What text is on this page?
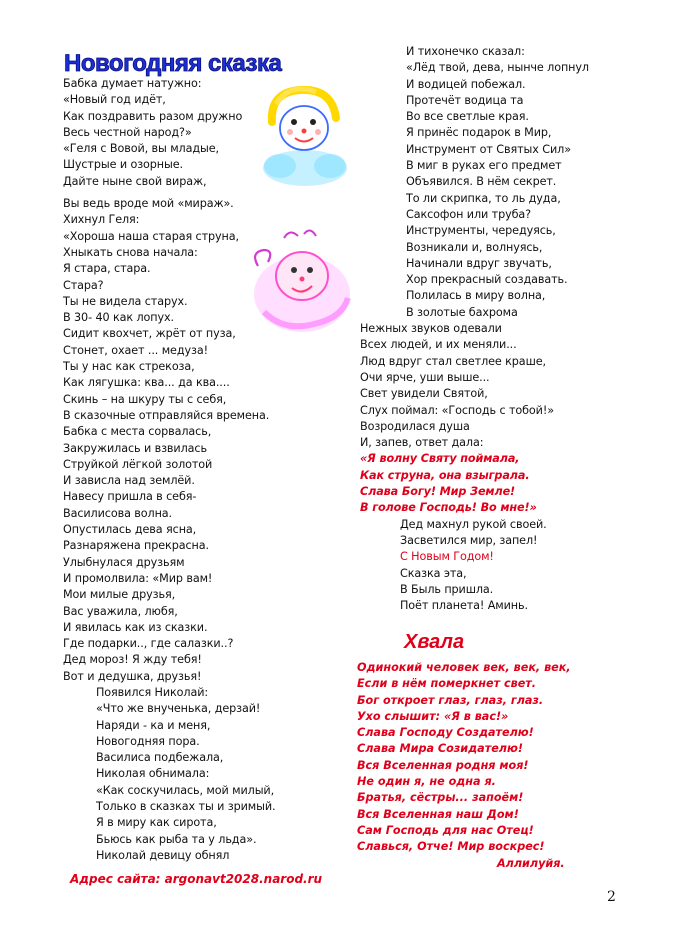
Новогодняя сказка
Бабка думает натужно:
«Новый год идёт,
Как поздравить разом дружно
Весь честной народ?»
«Геля с Вовой, вы младые,
Шустрые и озорные.
Дайте ныне свой вираж,
Вы ведь вроде мой «мираж».
Хихнул Геля:
«Хороша наша старая струна,
Хныкать снова начала:
Я стара, стара.
Стара?
Ты не видела старух.
В 30- 40 как лопух.
Сидит квохчет, жрёт от пуза,
Стонет, охает ... медуза!
Ты у нас как стрекоза,
Как лягушка: ква... да ква....
Скинь – на шкуру ты с себя,
В сказочные отправляйся времена.
Бабка с места сорвалась,
Закружилась и взвилась
Струйкой лёгкой золотой
И зависла над землёй.
Навесу пришла в себя-
Василисова волна.
Опустилась дева ясна,
Разнаряжена прекрасна.
Улыбнулася друзьям
И промолвила: «Мир вам!
Мои милые друзья,
Вас уважила, любя,
И явилась как из сказки.
Где подарки.., где салазки..?
Дед мороз! Я жду тебя!
Вот и дедушка, друзья!
Появился Николай:
«Что же внученька, дерзай!
Наряди - ка и меня,
Новогодняя пора.
Василиса подбежала,
Николая обнимала:
«Как соскучилась, мой милый,
Только в сказках ты и зримый.
Я в миру как сирота,
Бьюсь как рыба та у льда».
Николай девицу обнял
И тихонечко сказал:
«Лёд твой, дева, нынче лопнул
И водицей побежал.
Протечёт водица та
Во все светлые края.
Я принёс подарок в Мир,
Инструмент от Святых Сил»
В миг в руках его предмет
Объявился. В нём секрет.
То ли скрипка, то ль дуда,
Саксофон или труба?
Инструменты, чередуясь,
Возникали и, волнуясь,
Начинали вдруг звучать,
Хор прекрасный создавать.
Полилась в миру волна,
В золотые бахрома
Нежных звуков одевали
Всех людей, и их меняли...
Люд вдруг стал светлее краше,
Очи ярче, уши выше...
Свет увидели Святой,
Слух поймал: «Господь с тобой!»
Возродилася душа
И, запев, ответ дала:
«Я волну Святу поймала,
Как струна, она взыграла.
Слава Богу! Мир Земле!
В голове Господь! Во мне!»
Дед махнул рукой своей.
Засветился мир, запел!
С Новым Годом!
Сказка эта,
В Быль пришла.
Поёт планета! Аминь.
Хвала
Одинокий человек век, век, век,
Если в нём померкнет свет.
Бог откроет глаз, глаз, глаз.
Ухо слышит: «Я в вас!»
Слава Господу Создателю!
Слава Мира Созидателю!
Вся Вселенная родня моя!
Не один я, не одна я.
Братья, сёстры... запоём!
Вся Вселенная наш Дом!
Сам Господь для нас Отец!
Славься, Отче! Мир воскрес!
Аллилуйя.
Адрес сайта: argonavt2028.narod.ru
2
